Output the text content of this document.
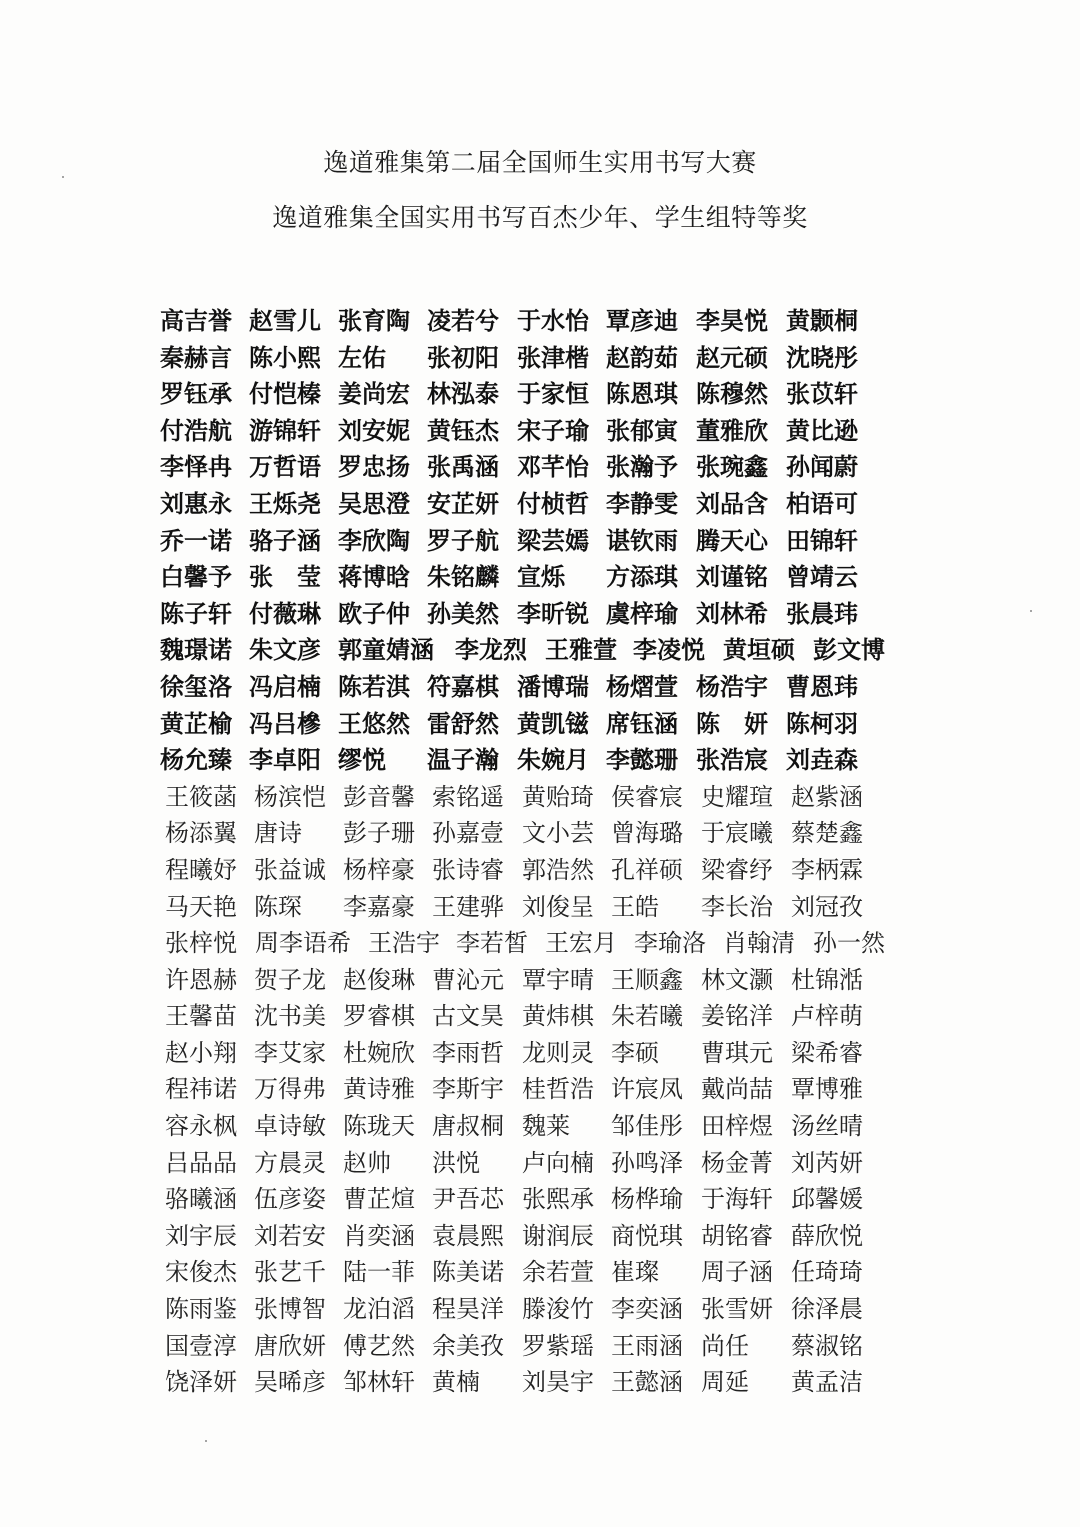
逸道雅集第二届全国师生实用书写大赛
逸道雅集全国实用书写百杰少年、学生组特等奖
高吉誉 赵雪儿 张育陶 凌若兮 于水怡 覃彦迪 李昊悦 黄颢桐
秦赫言 陈小熙 左佑 张初阳 张津楷 赵韵茹 赵元硕 沈晓彤
罗钰承 付恺榛 姜尚宏 林泓泰 于家恒 陈恩琪 陈穆然 张苡轩
付浩航 游锦轩 刘安妮 黄钰杰 宋子瑜 张郁寅 董雅欣 黄比逊
李怿冉 万哲语 罗忠扬 张禹涵 邓芊怡 张瀚予 张琬鑫 孙闻蔚
刘惠永 王烁尧 吴思澄 安芷妍 付桢哲 李静雯 刘品含 柏语可
乔一诺 骆子涵 李欣陶 罗子航 梁芸嫣 谌钦雨 腾天心 田锦轩
白馨予 张　莹 蒋博晗 朱铭麟 宣烁 方添琪 刘谨铭 曾靖云
陈子轩 付薇琳 欧子仲 孙美然 李昕锐 虞梓瑜 刘林希 张晨玮
魏璟诺 朱文彦 郭童婧涵 李龙烈 王雅萱 李凌悦 黄垣硕 彭文博
徐玺洛 冯启楠 陈若淇 符嘉棋 潘博瑞 杨熠萱 杨浩宇 曹恩玮
黄芷榆 冯吕槮 王悠然 雷舒然 黄凯镃 席钰涵 陈　妍 陈柯羽
杨允臻 李卓阳 缪悦 温子瀚 朱婉月 李懿珊 张浩宸 刘垚森
王筱菡 杨滨恺 彭音馨 索铭遥 黄贻琦 侯睿宸 史耀瑄 赵紫涵
杨添翼 唐诗 彭子珊 孙嘉壹 文小芸 曾海璐 于宸曦 蔡楚鑫
程曦妤 张益诚 杨梓豪 张诗睿 郭浩然 孔祥硕 梁睿纾 李柄霖
马天艳 陈琛 李嘉豪 王建骅 刘俊呈 王皓 李长治 刘冠孜
张梓悦 周李语希 王浩宇 李若皙 王宏月 李瑜洛 肖翰清 孙一然
许恩赫 贺子龙 赵俊琳 曹沁元 覃宇晴 王顺鑫 林文灏 杜锦湉
王馨苗 沈书美 罗睿棋 古文昊 黄炜棋 朱若曦 姜铭洋 卢梓萌
赵小翔 李艾家 杜婉欣 李雨哲 龙则灵 李硕 曹琪元 梁希睿
程祎诺 万得弗 黄诗雅 李斯宇 桂哲浩 许宸凤 戴尚喆 覃博雅
容永枫 卓诗敏 陈珑天 唐叔桐 魏莱 邹佳彤 田梓煜 汤丝晴
吕品品 方晨灵 赵帅 洪悦 卢向楠 孙鸣泽 杨金菁 刘芮妍
骆曦涵 伍彦姿 曹芷煊 尹吾芯 张熙承 杨桦瑜 于海轩 邱馨媛
刘宇辰 刘若安 肖奕涵 袁晨熙 谢润辰 商悦琪 胡铭睿 薛欣悦
宋俊杰 张艺千 陆一菲 陈美诺 余若萱 崔璨 周子涵 任琦琦
陈雨鉴 张博智 龙泊滔 程昊洋 滕浚竹 李奕涵 张雪妍 徐泽晨
国壹淳 唐欣妍 傅艺然 余美孜 罗紫瑶 王雨涵 尚任 蔡淑铭
饶泽妍 吴晞彦 邹林轩 黄楠 刘昊宇 王懿涵 周延 黄孟洁
